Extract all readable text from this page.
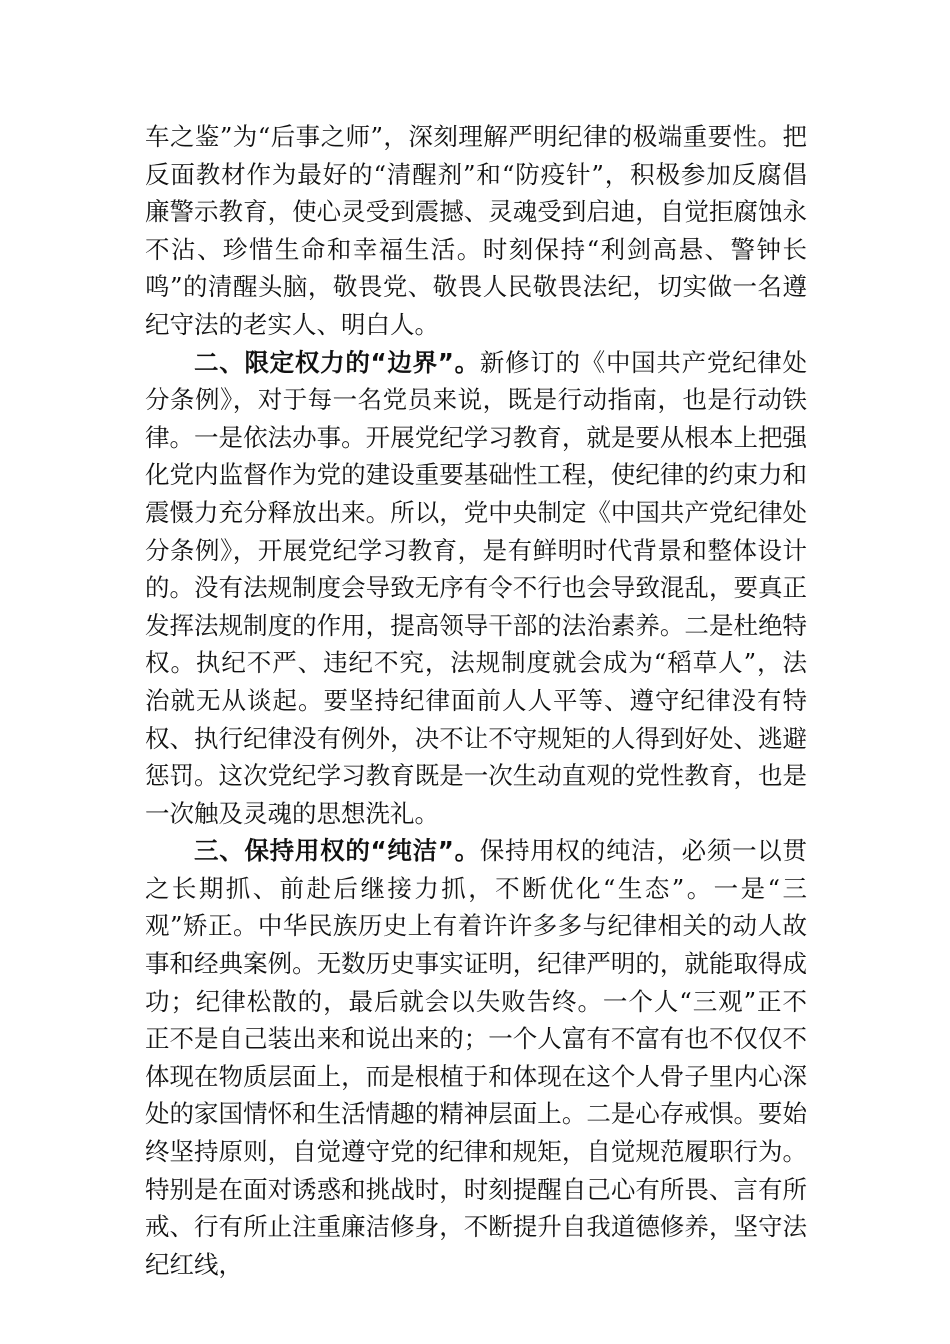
车之鉴”为“后事之师”，深刻理解严明纪律的极端重要性。把反面教材作为最好的“清醒剂”和“防疫针”，积极参加反腐倡廉警示教育，使心灵受到震撼、灵魂受到启迪，自觉拒腐蚀永不沾、珍惜生命和幸福生活。时刻保持“利剑高悬、警钟长鸣”的清醒头脑，敬畏党、敬畏人民敬畏法纪，切实做一名遵纪守法的老实人、明白人。

二、限定权力的“边界”。新修订的《中国共产党纪律处分条例》，对于每一名党员来说，既是行动指南，也是行动铁律。一是依法办事。开展党纪学习教育，就是要从根本上把强化党内监督作为党的建设重要基础性工程，使纪律的约束力和震慑力充分释放出来。所以，党中央制定《中国共产党纪律处分条例》，开展党纪学习教育，是有鲜明时代背景和整体设计的。没有法规制度会导致无序有令不行也会导致混乱，要真正发挥法规制度的作用，提高领导干部的法治素养。二是杜绝特权。执纪不严、违纪不究，法规制度就会成为“稻草人”，法治就无从谈起。要坚持纪律面前人人平等、遵守纪律没有特权、执行纪律没有例外，决不让不守规矩的人得到好处、逃避惩罚。这次党纪学习教育既是一次生动直观的党性教育，也是一次触及灵魂的思想洗礼。

三、保持用权的“纯洁”。保持用权的纯洁，必须一以贯之长期抓、前赴后继接力抓，不断优化“生态”。一是“三观”矫正。中华民族历史上有着许许多多与纪律相关的动人故事和经典案例。无数历史事实证明，纪律严明的，就能取得成功；纪律松散的，最后就会以失败告终。一个人“三观”正不正不是自己装出来和说出来的；一个人富有不富有也不仅仅不体现在物质层面上，而是根植于和体现在这个人骨子里内心深处的家国情怀和生活情趣的精神层面上。二是心存戒惧。要始终坚持原则，自觉遵守党的纪律和规矩，自觉规范履职行为。特别是在面对诱惑和挑战时，时刻提醒自己心有所畏、言有所戒、行有所止注重廉洁修身，不断提升自我道德修养，坚守法纪红线，
